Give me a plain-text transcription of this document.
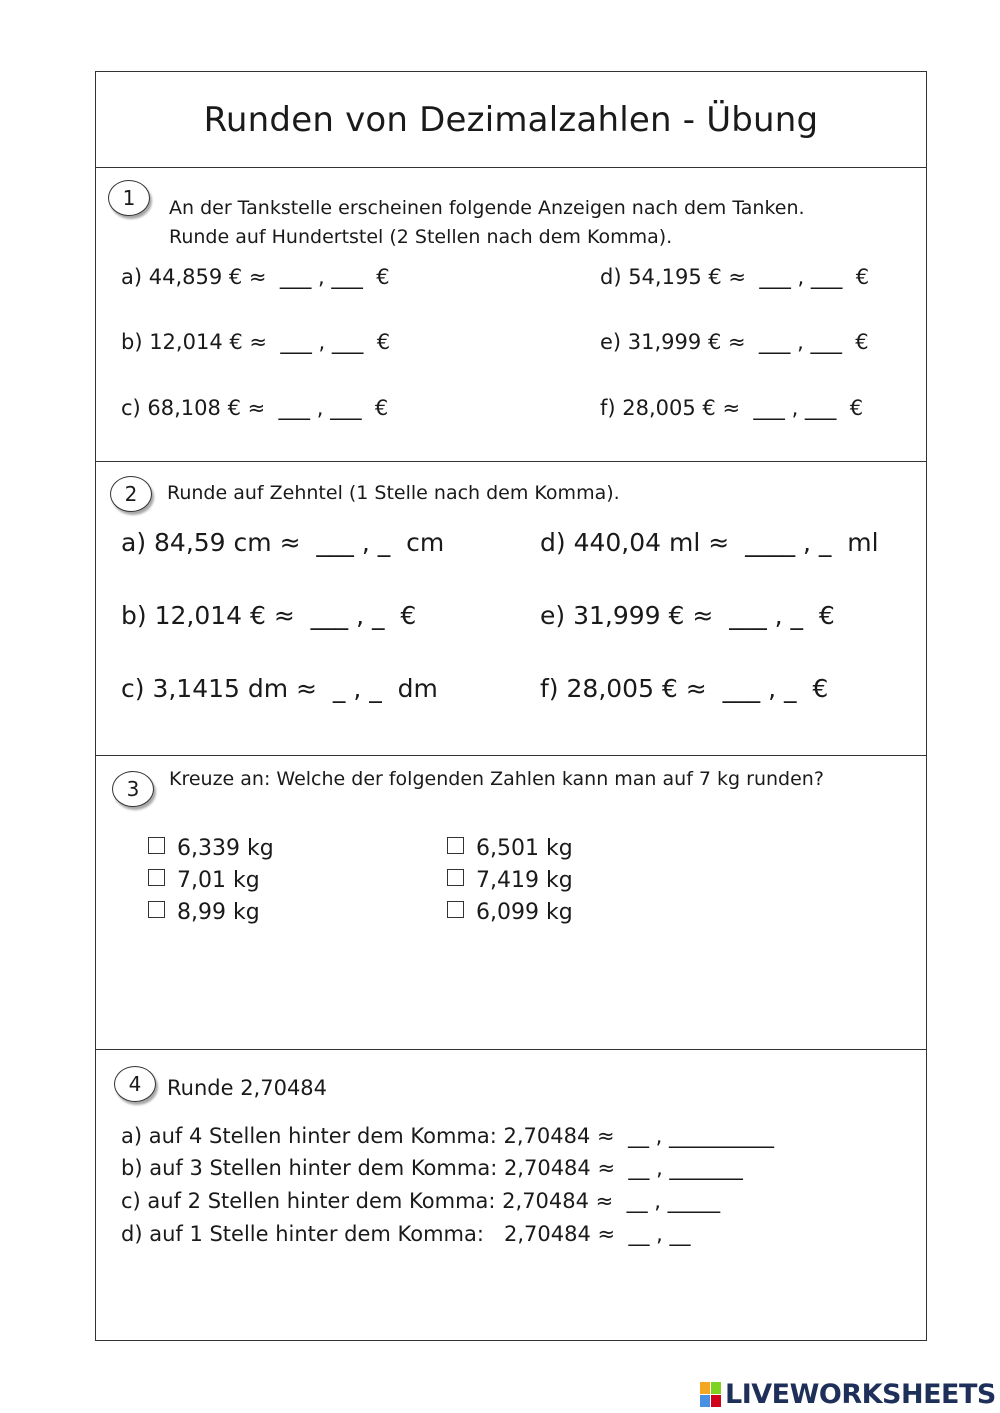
Runden von Dezimalzahlen - Übung
1	An der Tankstelle erscheinen folgende Anzeigen nach dem Tanken.
Runde auf Hundertstel (2 Stellen nach dem Komma).
a) 44,859 € ≈  ___ , ___  €
b) 12,014 € ≈  ___ , ___  €
c) 68,108 € ≈  ___ , ___  €
d) 54,195 € ≈  ___ , ___  €
e) 31,999 € ≈  ___ , ___  €
f) 28,005 € ≈  ___ , ___  €
2	Runde auf Zehntel (1 Stelle nach dem Komma).
a) 84,59 cm ≈  ___ , _  cm
b) 12,014 € ≈  ___ , _  €
c) 3,1415 dm ≈  _ , _  dm
d) 440,04 ml ≈  ____ , _  ml
e) 31,999 € ≈  ___ , _  €
f) 28,005 € ≈  ___ , _  €
3	Kreuze an: Welche der folgenden Zahlen kann man auf 7 kg runden?
6,339 kg
7,01 kg
8,99 kg
6,501 kg
7,419 kg
6,099 kg
4	Runde 2,70484
a) auf 4 Stellen hinter dem Komma: 2,70484 ≈  __ , __________
b) auf 3 Stellen hinter dem Komma: 2,70484 ≈  __ , _______
c) auf 2 Stellen hinter dem Komma: 2,70484 ≈  __ , _____
d) auf 1 Stelle hinter dem Komma:   2,70484 ≈  __ , __
LIVEWORKSHEETS
